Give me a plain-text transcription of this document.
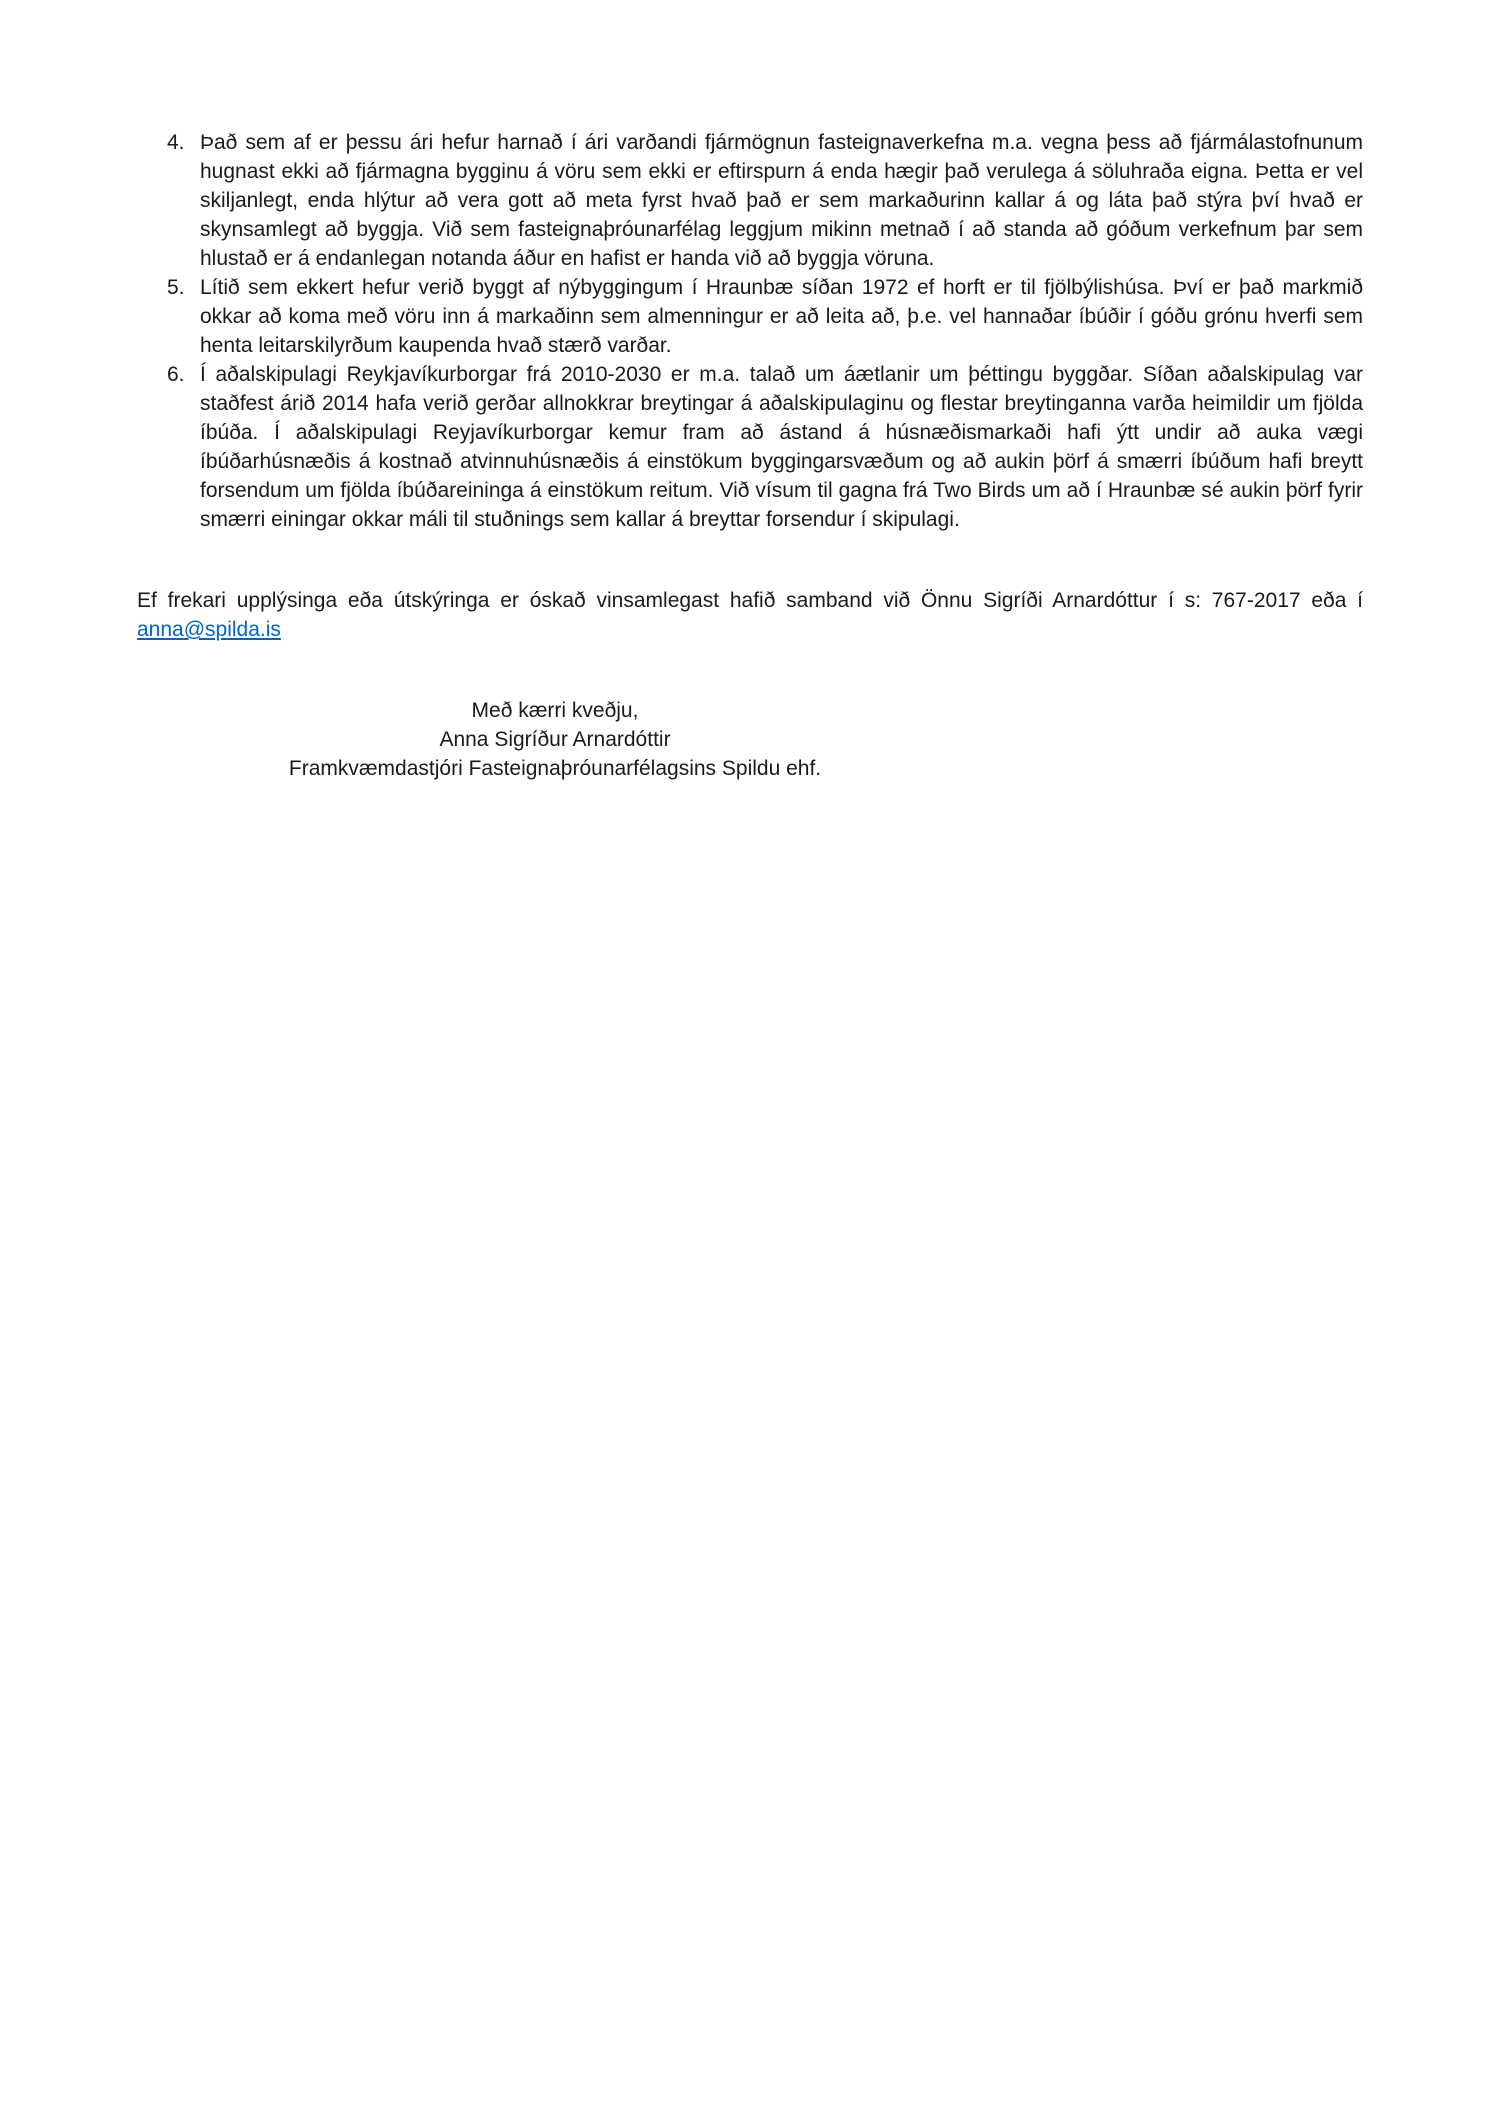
4. Það sem af er þessu ári hefur harnað í ári varðandi fjármögnun fasteignaverkefna m.a. vegna þess að fjármálastofnunum hugnast ekki að fjármagna bygginu á vöru sem ekki er eftirspurn á enda hægir það verulega á söluhraða eigna. Þetta er vel skiljanlegt, enda hlýtur að vera gott að meta fyrst hvað það er sem markaðurinn kallar á og láta það stýra því hvað er skynsamlegt að byggja. Við sem fasteignaþróunarfélag leggjum mikinn metnað í að standa að góðum verkefnum þar sem hlustað er á endanlegan notanda áður en hafist er handa við að byggja vöruna.
5. Lítið sem ekkert hefur verið byggt af nýbyggingum í Hraunbæ síðan 1972 ef horft er til fjölbýlishúsa. Því er það markmið okkar að koma með vöru inn á markaðinn sem almenningur er að leita að, þ.e. vel hannaðar íbúðir í góðu grónu hverfi sem henta leitarskilyrðum kaupenda hvað stærð varðar.
6. Í aðalskipulagi Reykjavíkurborgar frá 2010-2030 er m.a. talað um áætlanir um þéttingu byggðar. Síðan aðalskipulag var staðfest árið 2014 hafa verið gerðar allnokkrar breytingar á aðalskipulaginu og flestar breytinganna varða heimildir um fjölda íbúða. Í aðalskipulagi Reyjavíkurborgar kemur fram að ástand á húsnæðismarkaði hafi ýtt undir að auka vægi íbúðarhúsnæðis á kostnað atvinnuhúsnæðis á einstökum byggingarsvæðum og að aukin þörf á smærri íbúðum hafi breytt forsendum um fjölda íbúðareininga á einstökum reitum. Við vísum til gagna frá Two Birds um að í Hraunbæ sé aukin þörf fyrir smærri einingar okkar máli til stuðnings sem kallar á breyttar forsendur í skipulagi.

Ef frekari upplýsinga eða útskýringa er óskað vinsamlegast hafið samband við Önnu Sigríði Arnardóttur í s: 767-2017 eða í anna@spilda.is

Með kærri kveðju,
Anna Sigríður Arnardóttir
Framkvæmdastjóri Fasteignaþróunarfélagsins Spildu ehf.
